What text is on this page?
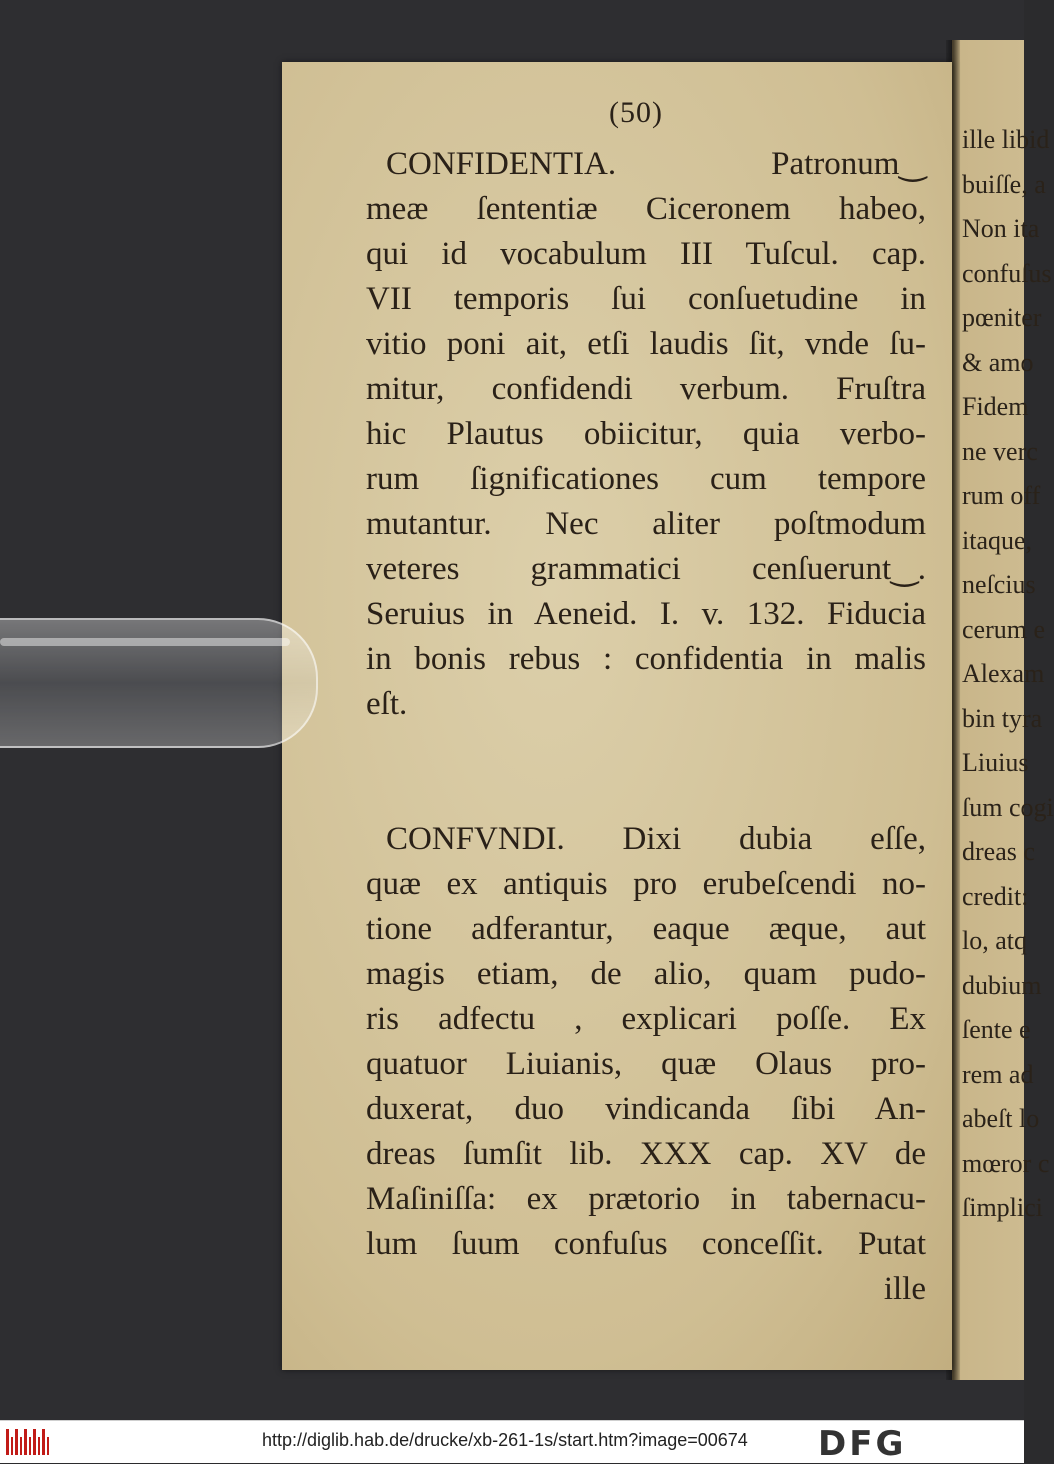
ille libid
buiſſe, a
Non ita
confuſus
pœniter
& amo
Fidem
ne verc
rum off
itaque,
neſcius
cerum e
Alexam
bin tyra
Liuius
ſum cogi
dreas c
credit:
lo, atq
dubium
ſente e
rem ad
abeſt lo
mœror c
ſimplici
(50)
CONFIDENTIA. Patronum‿
meæ ſententiæ Ciceronem habeo,
qui id vocabulum III Tuſcul. cap.
VII temporis ſui conſuetudine in
vitio poni ait, etſi laudis ſit, vnde ſu-
mitur, confidendi verbum. Fruſtra
hic Plautus obiicitur, quia verbo-
rum ſignificationes cum tempore
mutantur. Nec aliter poſtmodum
veteres grammatici cenſuerunt‿.
Seruius in Aeneid. I. v. 132. Fiducia
in bonis rebus : confidentia in malis
eſt.
CONFVNDI. Dixi dubia eſſe,
quæ ex antiquis pro erubeſcendi no-
tione adferantur, eaque æque, aut
magis etiam, de alio, quam pudo-
ris adfectu , explicari poſſe. Ex
quatuor Liuianis, quæ Olaus pro-
duxerat, duo vindicanda ſibi An-
dreas ſumſit lib. XXX cap. XV de
Maſiniſſa: ex prætorio in tabernacu-
lum ſuum confuſus conceſſit. Putat
ille
http://diglib.hab.de/drucke/xb-261-1s/start.htm?image=00674 DFG
